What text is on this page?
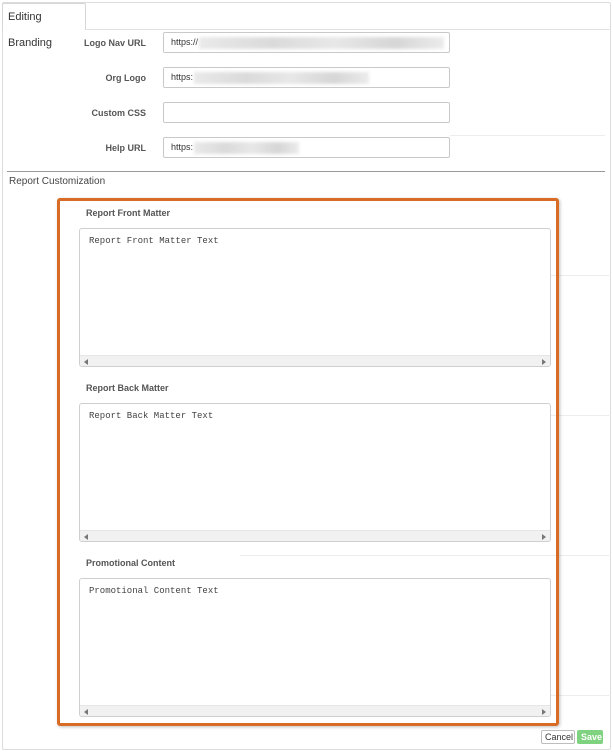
Editing Branding	Logo Nav URL	https://
Org Logo	https:
Custom CSS
Help URL	https:
Report Customization
Report Front Matter
Report Front Matter Text
Report Back Matter
Report Back Matter Text
Promotional Content
Promotional Content Text
Cancel Save
